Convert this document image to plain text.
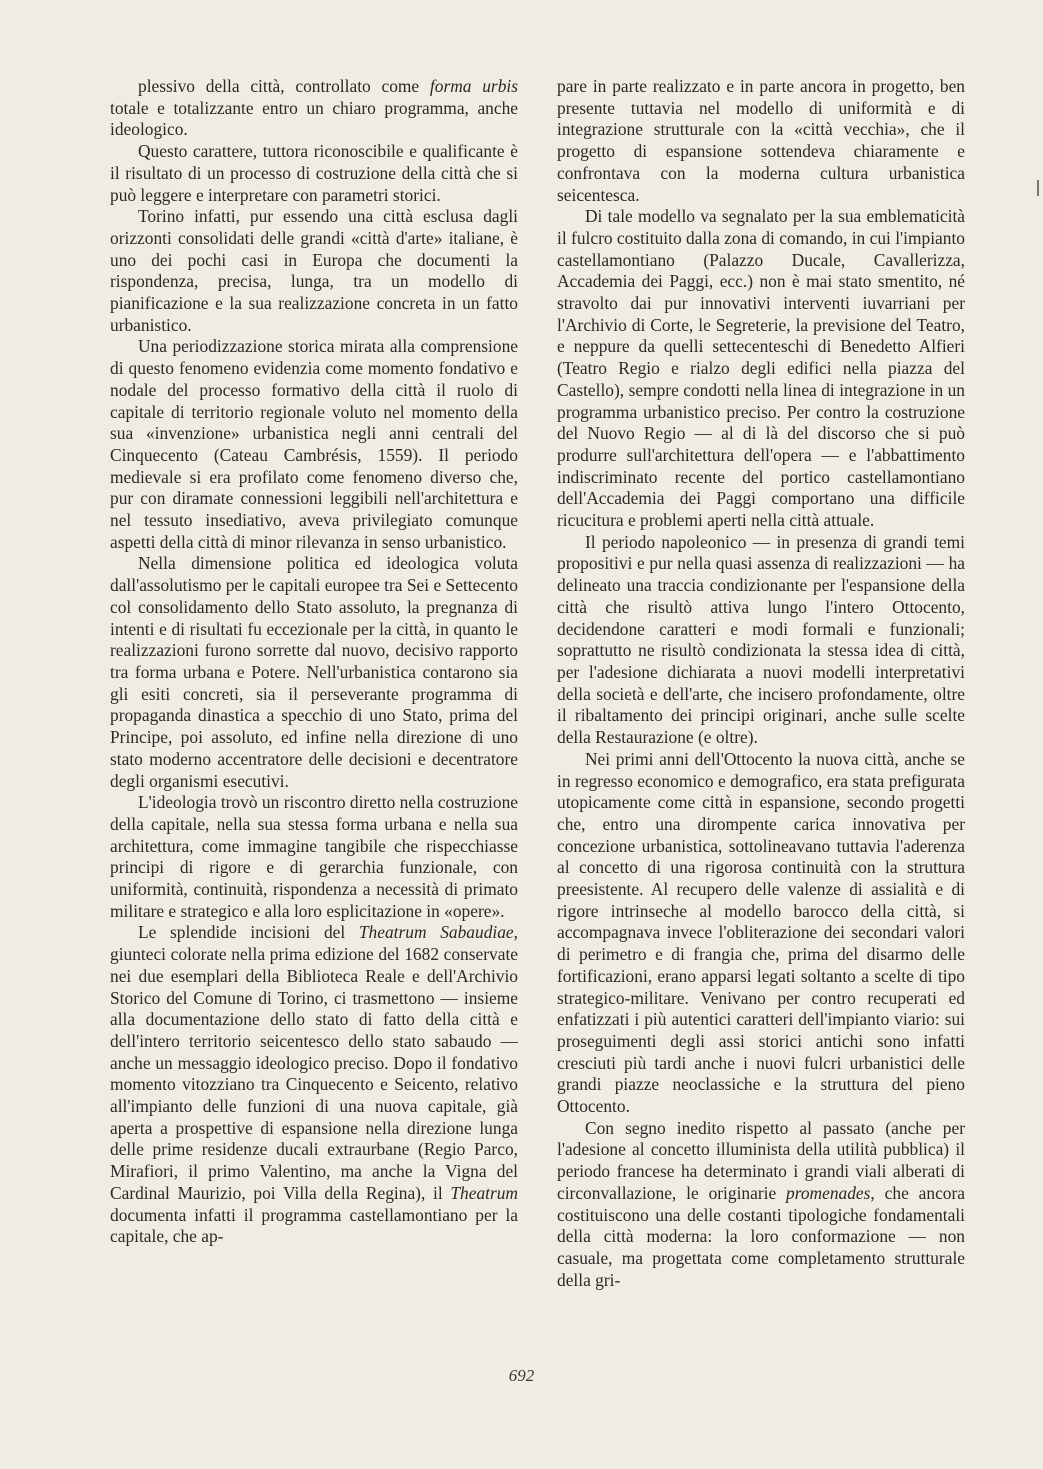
plessivo della città, controllato come forma urbis totale e totalizzante entro un chiaro programma, anche ideologico.

Questo carattere, tuttora riconoscibile e qualificante è il risultato di un processo di costruzione della città che si può leggere e interpretare con parametri storici.

Torino infatti, pur essendo una città esclusa dagli orizzonti consolidati delle grandi «città d'arte» italiane, è uno dei pochi casi in Europa che documenti la rispondenza, precisa, lunga, tra un modello di pianificazione e la sua realizzazione concreta in un fatto urbanistico.

Una periodizzazione storica mirata alla comprensione di questo fenomeno evidenzia come momento fondativo e nodale del processo formativo della città il ruolo di capitale di territorio regionale voluto nel momento della sua «invenzione» urbanistica negli anni centrali del Cinquecento (Cateau Cambrésis, 1559). Il periodo medievale si era profilato come fenomeno diverso che, pur con diramate connessioni leggibili nell'architettura e nel tessuto insediativo, aveva privilegiato comunque aspetti della città di minor rilevanza in senso urbanistico.

Nella dimensione politica ed ideologica voluta dall'assolutismo per le capitali europee tra Sei e Settecento col consolidamento dello Stato assoluto, la pregnanza di intenti e di risultati fu eccezionale per la città, in quanto le realizzazioni furono sorrette dal nuovo, decisivo rapporto tra forma urbana e Potere. Nell'urbanistica contarono sia gli esiti concreti, sia il perseverante programma di propaganda dinastica a specchio di uno Stato, prima del Principe, poi assoluto, ed infine nella direzione di uno stato moderno accentratore delle decisioni e decentratore degli organismi esecutivi.

L'ideologia trovò un riscontro diretto nella costruzione della capitale, nella sua stessa forma urbana e nella sua architettura, come immagine tangibile che rispecchiasse principi di rigore e di gerarchia funzionale, con uniformità, continuità, rispondenza a necessità di primato militare e strategico e alla loro esplicitazione in «opere».

Le splendide incisioni del Theatrum Sabaudiae, giunteci colorate nella prima edizione del 1682 conservate nei due esemplari della Biblioteca Reale e dell'Archivio Storico del Comune di Torino, ci trasmettono — insieme alla documentazione dello stato di fatto della città e dell'intero territorio seicentesco dello stato sabaudo — anche un messaggio ideologico preciso. Dopo il fondativo momento vitozziano tra Cinquecento e Seicento, relativo all'impianto delle funzioni di una nuova capitale, già aperta a prospettive di espansione nella direzione lunga delle prime residenze ducali extraurbane (Regio Parco, Mirafiori, il primo Valentino, ma anche la Vigna del Cardinal Maurizio, poi Villa della Regina), il Theatrum documenta infatti il programma castellamontiano per la capitale, che ap-

pare in parte realizzato e in parte ancora in progetto, ben presente tuttavia nel modello di uniformità e di integrazione strutturale con la «città vecchia», che il progetto di espansione sottendeva chiaramente e confrontava con la moderna cultura urbanistica seicentesca.

Di tale modello va segnalato per la sua emblematicità il fulcro costituito dalla zona di comando, in cui l'impianto castellamontiano (Palazzo Ducale, Cavallerizza, Accademia dei Paggi, ecc.) non è mai stato smentito, né stravolto dai pur innovativi interventi iuvarriani per l'Archivio di Corte, le Segreterie, la previsione del Teatro, e neppure da quelli settecenteschi di Benedetto Alfieri (Teatro Regio e rialzo degli edifici nella piazza del Castello), sempre condotti nella linea di integrazione in un programma urbanistico preciso. Per contro la costruzione del Nuovo Regio — al di là del discorso che si può produrre sull'architettura dell'opera — e l'abbattimento indiscriminato recente del portico castellamontiano dell'Accademia dei Paggi comportano una difficile ricucitura e problemi aperti nella città attuale.

Il periodo napoleonico — in presenza di grandi temi propositivi e pur nella quasi assenza di realizzazioni — ha delineato una traccia condizionante per l'espansione della città che risultò attiva lungo l'intero Ottocento, decidendone caratteri e modi formali e funzionali; soprattutto ne risultò condizionata la stessa idea di città, per l'adesione dichiarata a nuovi modelli interpretativi della società e dell'arte, che incisero profondamente, oltre il ribaltamento dei principi originari, anche sulle scelte della Restaurazione (e oltre).

Nei primi anni dell'Ottocento la nuova città, anche se in regresso economico e demografico, era stata prefigurata utopicamente come città in espansione, secondo progetti che, entro una dirompente carica innovativa per concezione urbanistica, sottolineavano tuttavia l'aderenza al concetto di una rigorosa continuità con la struttura preesistente. Al recupero delle valenze di assialità e di rigore intrinseche al modello barocco della città, si accompagnava invece l'obliterazione dei secondari valori di perimetro e di frangia che, prima del disarmo delle fortificazioni, erano apparsi legati soltanto a scelte di tipo strategico-militare. Venivano per contro recuperati ed enfatizzati i più autentici caratteri dell'impianto viario: sui proseguimenti degli assi storici antichi sono infatti cresciuti più tardi anche i nuovi fulcri urbanistici delle grandi piazze neoclassiche e la struttura del pieno Ottocento.

Con segno inedito rispetto al passato (anche per l'adesione al concetto illuminista della utilità pubblica) il periodo francese ha determinato i grandi viali alberati di circonvallazione, le originarie promenades, che ancora costituiscono una delle costanti tipologiche fondamentali della città moderna: la loro conformazione — non casuale, ma progettata come completamento strutturale della gri-

692
